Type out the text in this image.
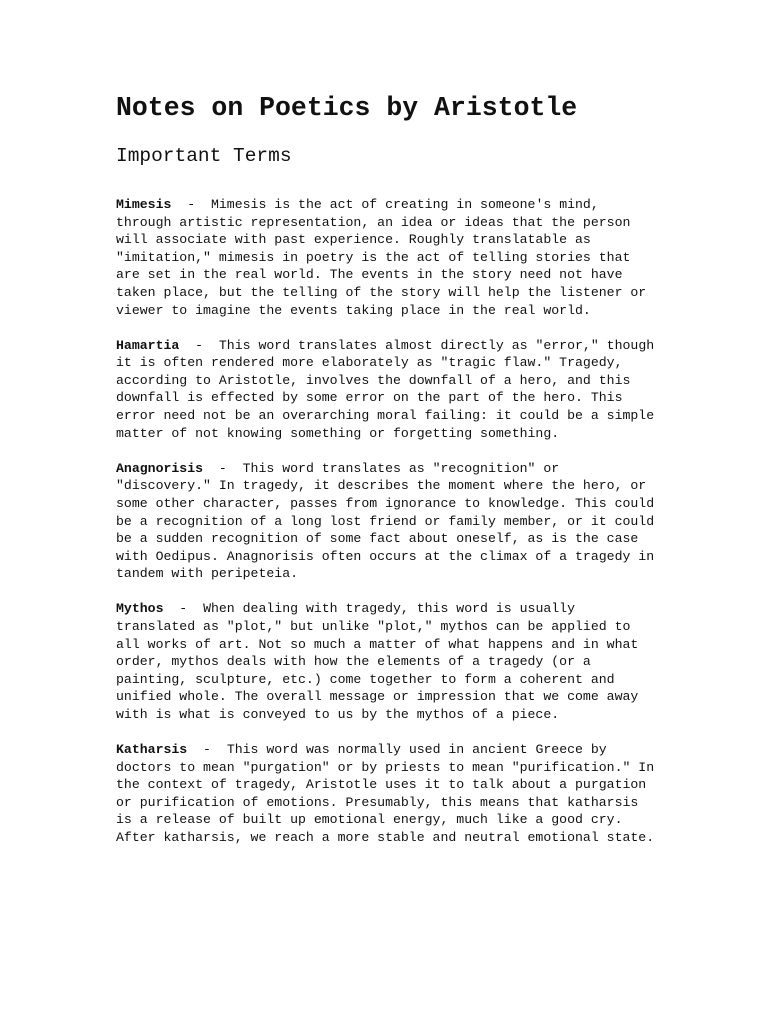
Notes on Poetics by Aristotle
Important Terms

Mimesis  -  Mimesis is the act of creating in someone's mind, through artistic representation, an idea or ideas that the person will associate with past experience. Roughly translatable as "imitation," mimesis in poetry is the act of telling stories that are set in the real world. The events in the story need not have taken place, but the telling of the story will help the listener or viewer to imagine the events taking place in the real world.

Hamartia  -  This word translates almost directly as "error," though it is often rendered more elaborately as "tragic flaw." Tragedy, according to Aristotle, involves the downfall of a hero, and this downfall is effected by some error on the part of the hero. This error need not be an overarching moral failing: it could be a simple matter of not knowing something or forgetting something.

Anagnorisis  -  This word translates as "recognition" or "discovery." In tragedy, it describes the moment where the hero, or some other character, passes from ignorance to knowledge. This could be a recognition of a long lost friend or family member, or it could be a sudden recognition of some fact about oneself, as is the case with Oedipus. Anagnorisis often occurs at the climax of a tragedy in tandem with peripeteia.

Mythos  -  When dealing with tragedy, this word is usually translated as "plot," but unlike "plot," mythos can be applied to all works of art. Not so much a matter of what happens and in what order, mythos deals with how the elements of a tragedy (or a painting, sculpture, etc.) come together to form a coherent and unified whole. The overall message or impression that we come away with is what is conveyed to us by the mythos of a piece.

Katharsis  -  This word was normally used in ancient Greece by doctors to mean "purgation" or by priests to mean "purification." In the context of tragedy, Aristotle uses it to talk about a purgation or purification of emotions. Presumably, this means that katharsis is a release of built up emotional energy, much like a good cry. After katharsis, we reach a more stable and neutral emotional state.
